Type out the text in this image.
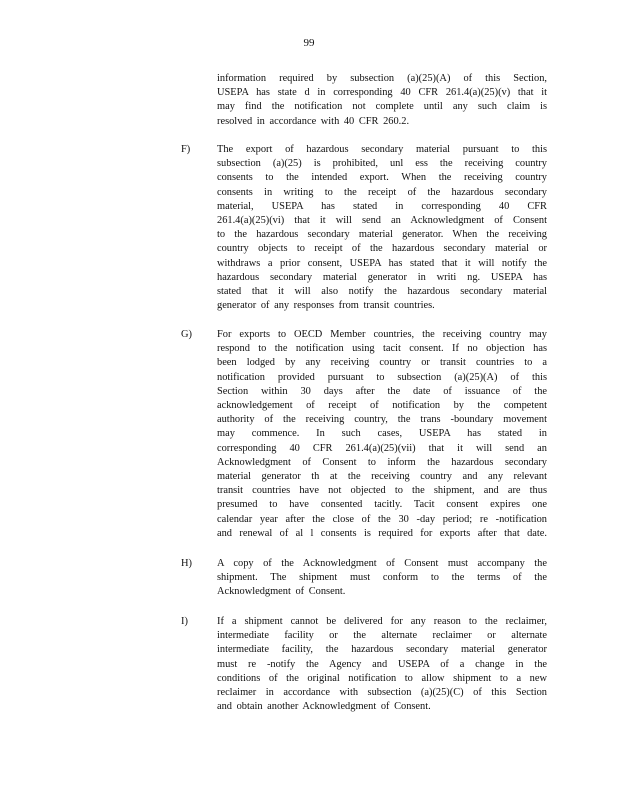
99
information required by subsection (a)(25)(A) of this Section,
USEPA has state d in corresponding 40 CFR 261.4(a)(25)(v) that it
may find the notification not complete until any such claim is
resolved in accordance with 40 CFR 260.2.
F)	The export of hazardous secondary material pursuant to this
subsection (a)(25) is prohibited, unl ess the receiving country
consents to the intended export. When the receiving country
consents in writing to the receipt of the hazardous secondary
material, USEPA has stated in corresponding 40 CFR
261.4(a)(25)(vi) that it will send an Acknowledgment of Consent
to the hazardous secondary material generator. When the receiving
country objects to receipt of the hazardous secondary material or
withdraws a prior consent, USEPA has stated that it will notify the
hazardous secondary material generator in writi ng. USEPA has
stated that it will also notify the hazardous secondary material
generator of any responses from transit countries.
G) For exports to OECD Member countries, the receiving country may
respond to the notification using tacit consent. If no objection has
been lodged by any receiving country or transit countries to a
notification provided pursuant to subsection (a)(25)(A) of this
Section within 30 days after the date of issuance of the
acknowledgement of receipt of notification by the competent
authority of the receiving country, the trans -boundary movement
may commence. In such cases, USEPA has stated in
corresponding 40 CFR 261.4(a)(25)(vii) that it will send an
Acknowledgment of Consent to inform the hazardous secondary
material generator th at the receiving country and any relevant
transit countries have not objected to the shipment, and are thus
presumed to have consented tacitly. Tacit consent expires one
calendar year after the close of the 30 -day period; re -notification
and renewal of al l consents is required for exports after that date.
H) A copy of the Acknowledgment of Consent must accompany the
shipment. The shipment must conform to the terms of the
Acknowledgment of Consent.
I)	If a shipment cannot be delivered for any reason to the reclaimer,
intermediate facility or the alternate reclaimer or alternate
intermediate facility, the hazardous secondary material generator
must re -notify the Agency and USEPA of a change in the
conditions of the original notification to allow shipment to a new
reclaimer in accordance with subsection (a)(25)(C) of this Section
and obtain another Acknowledgment of Consent.
